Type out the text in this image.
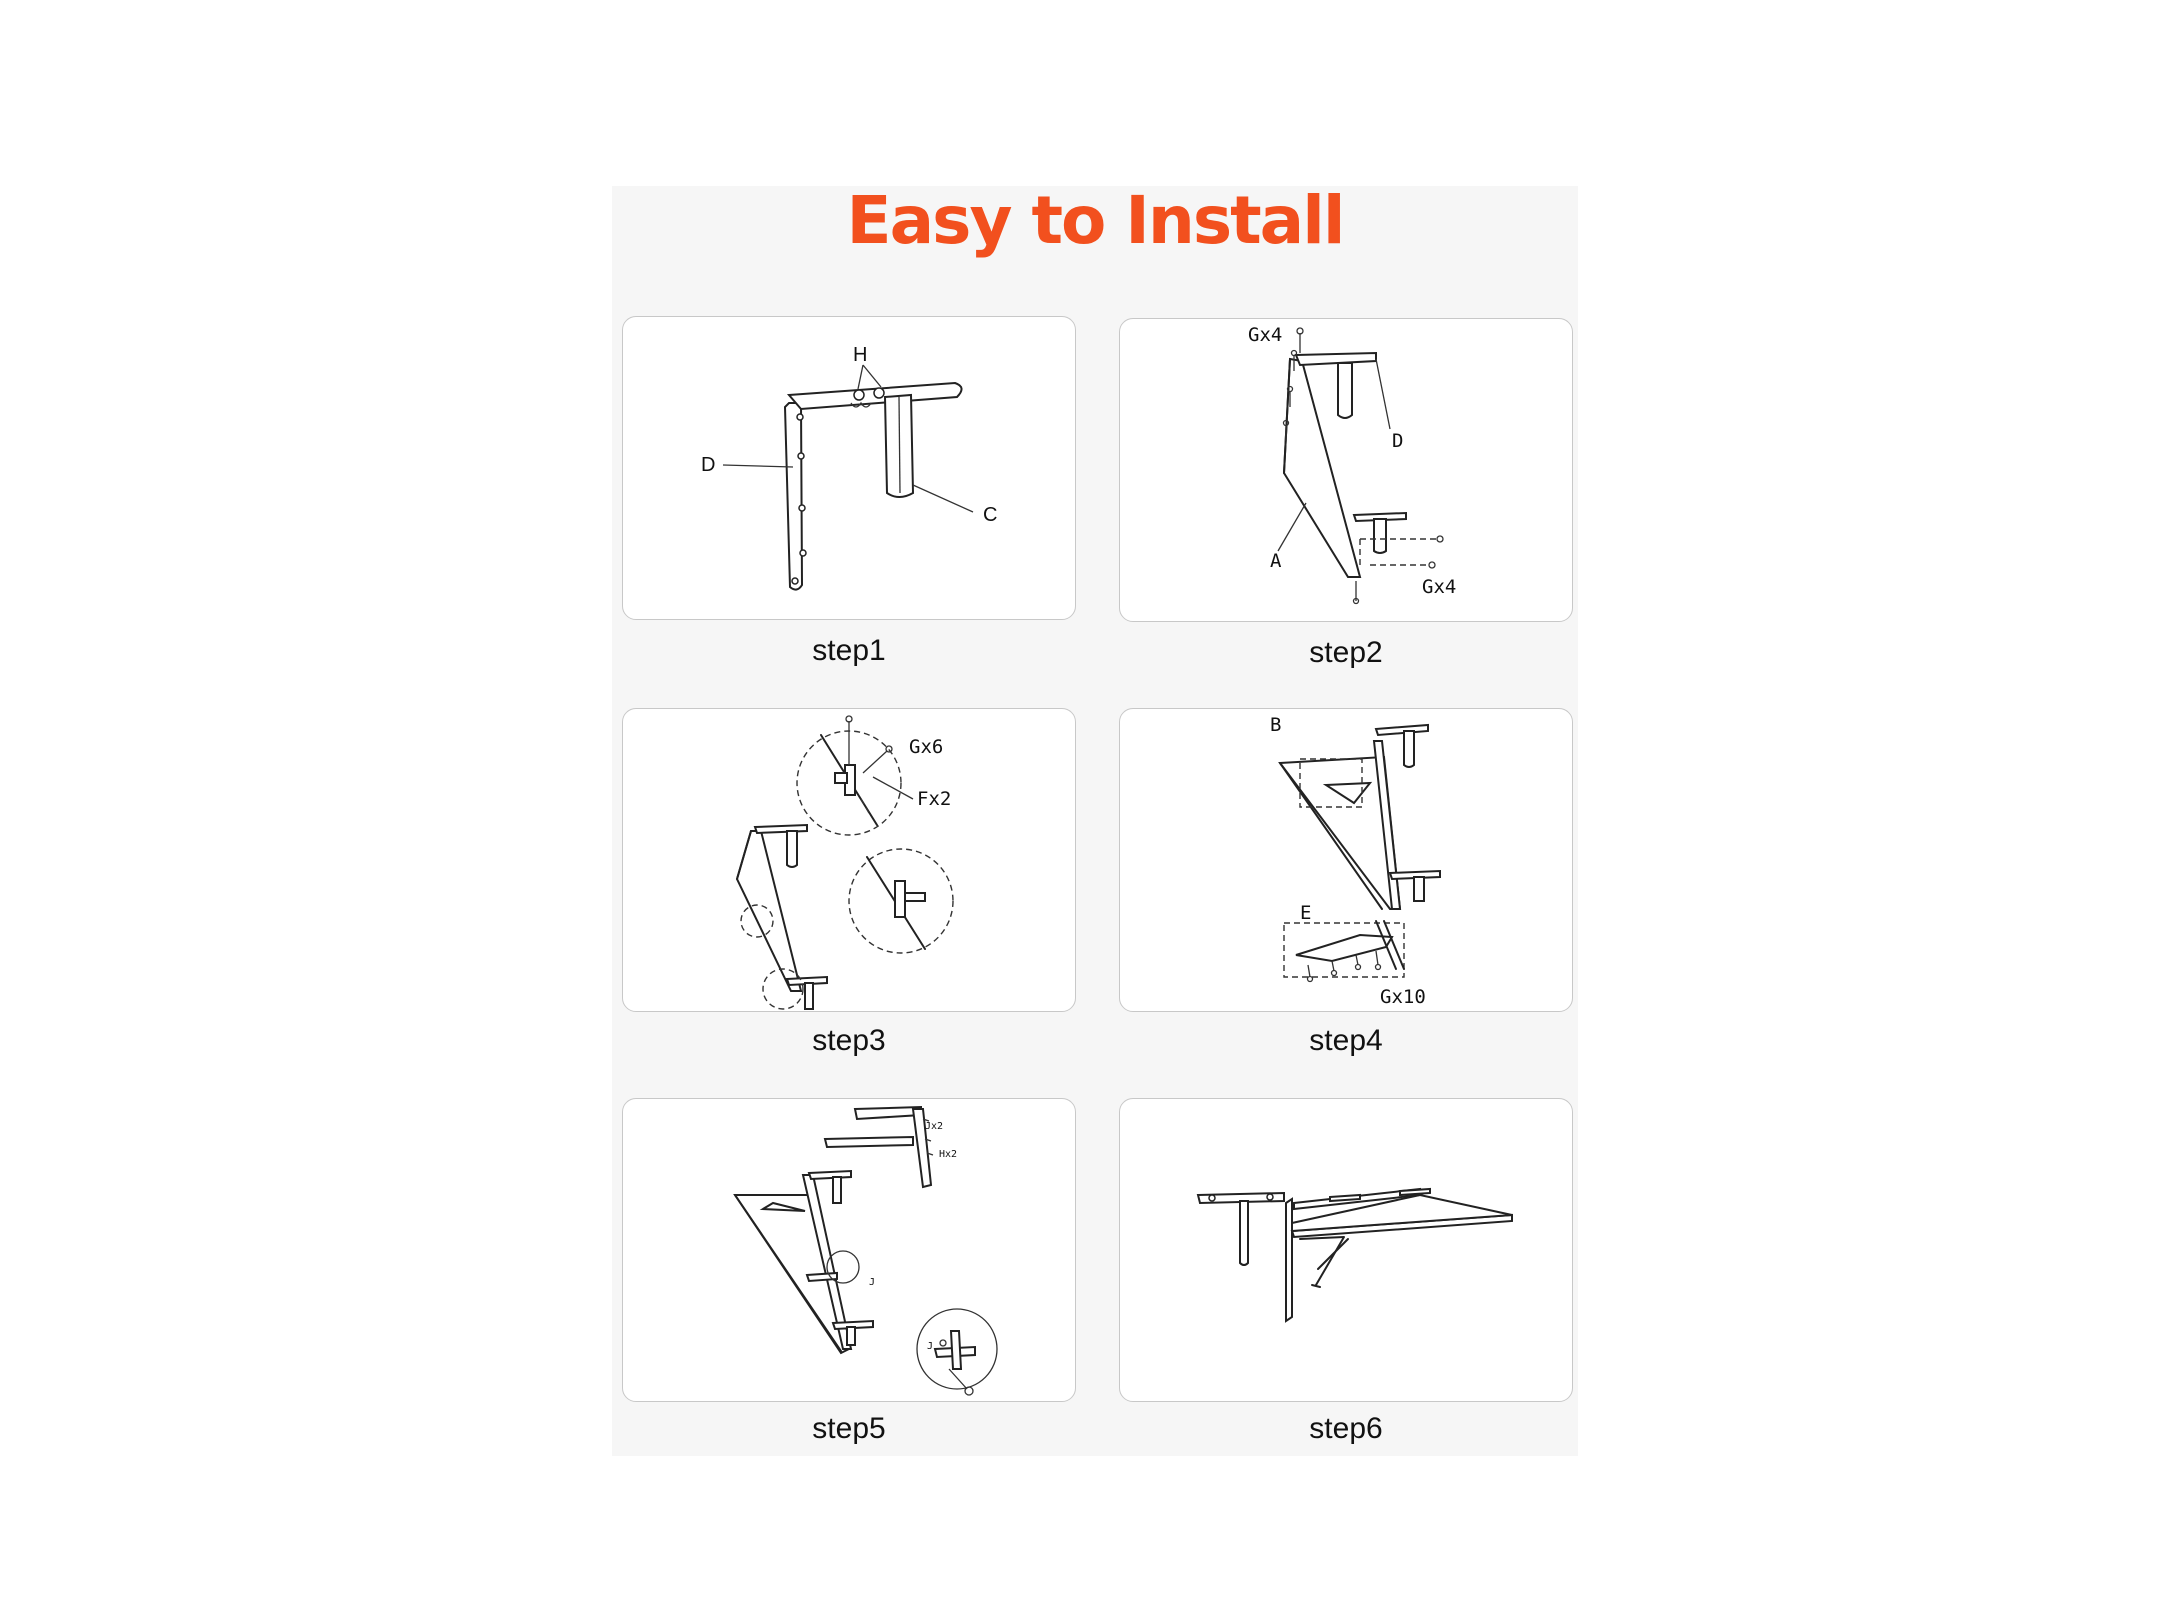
Easy to Install
H
D
C
step1
Gx4
D
A
Gx4
step2
Gx6
Fx2
step3
B
E
Gx10
step4
Jx2
Hx2
J
J
step5	step6
